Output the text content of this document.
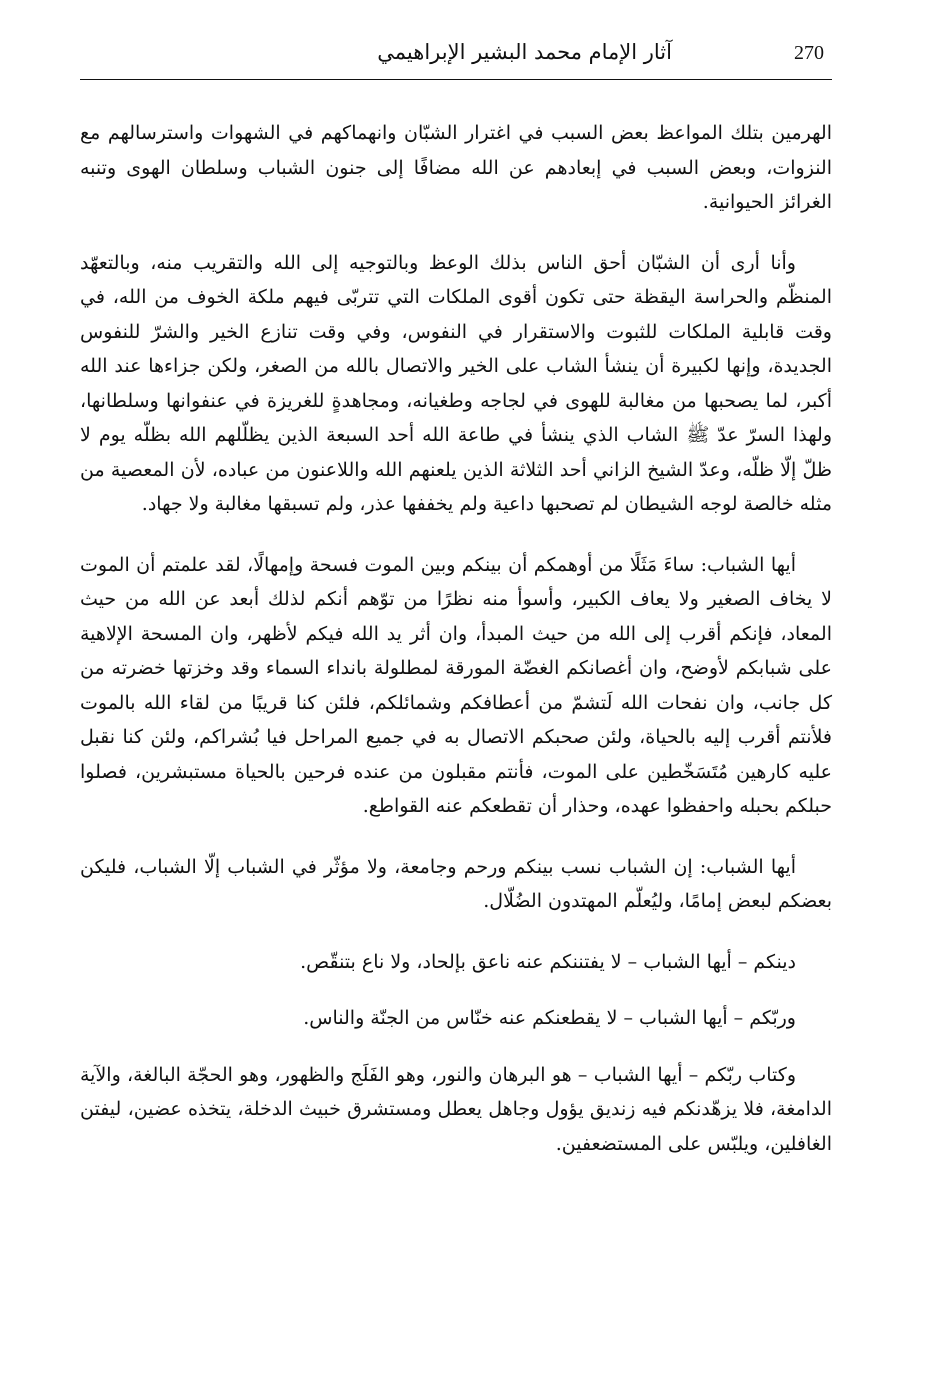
270
آثار الإمام محمد البشير الإبراهيمي

الهرمين بتلك المواعظ بعض السبب في اغترار الشبّان وانهماكهم في الشهوات واسترسالهم مع النزوات، وبعض السبب في إبعادهم عن الله مضافًا إلى جنون الشباب وسلطان الهوى وتنبه الغرائز الحيوانية.

وأنا أرى أن الشبّان أحق الناس بذلك الوعظ وبالتوجيه إلى الله والتقريب منه، وبالتعهّد المنظّم والحراسة اليقظة حتى تكون أقوى الملكات التي تتربّى فيهم ملكة الخوف من الله، في وقت قابلية الملكات للثبوت والاستقرار في النفوس، وفي وقت تنازع الخير والشرّ للنفوس الجديدة، وإنها لكبيرة أن ينشأ الشاب على الخير والاتصال بالله من الصغر، ولكن جزاءها عند الله أكبر، لما يصحبها من مغالبة للهوى في لجاجه وطغيانه، ومجاهدةٍ للغريزة في عنفوانها وسلطانها، ولهذا السرّ عدّ ﷺ الشاب الذي ينشأ في طاعة الله أحد السبعة الذين يظلّلهم الله بظلّه يوم لا ظلّ إلّا ظلّه، وعدّ الشيخ الزاني أحد الثلاثة الذين يلعنهم الله واللاعنون من عباده، لأن المعصية من مثله خالصة لوجه الشيطان لم تصحبها داعية ولم يخففها عذر، ولم تسبقها مغالبة ولا جهاد.

أيها الشباب: ساءَ مَثَلًا من أوهمكم أن بينكم وبين الموت فسحة وإمهالًا، لقد علمتم أن الموت لا يخاف الصغير ولا يعاف الكبير، وأسوأ منه نظرًا من توّهم أنكم لذلك أبعد عن الله من حيث المعاد، فإنكم أقرب إلى الله من حيث المبدأ، وان أثر يد الله فيكم لأظهر، وان المسحة الإلاهية على شبابكم لأوضح، وان أغصانكم الغضّة المورقة لمطلولة بانداء السماء وقد وخزتها خضرته من كل جانب، وان نفحات الله لَتشمّ من أعطافكم وشمائلكم، فلئن كنا قريبًا من لقاء الله بالموت فلأنتم أقرب إليه بالحياة، ولئن صحبكم الاتصال به في جميع المراحل فيا بُشراكم، ولئن كنا نقبل عليه كارهين مُتَسَخّطين على الموت، فأنتم مقبلون من عنده فرحين بالحياة مستبشرين، فصلوا حبلكم بحبله واحفظوا عهده، وحذار أن تقطعكم عنه القواطع.

أيها الشباب: إن الشباب نسب بينكم ورحم وجامعة، ولا مؤثّر في الشباب إلّا الشباب، فليكن بعضكم لبعض إمامًا، وليُعلّم المهتدون الضُلّال.

دينكم – أيها الشباب – لا يفتننكم عنه ناعق بإلحاد، ولا ناع بتنقّص.

وربّكم – أيها الشباب – لا يقطعنكم عنه خنّاس من الجنّة والناس.

وكتاب ربّكم – أيها الشباب – هو البرهان والنور، وهو الفَلَج والظهور، وهو الحجّة البالغة، والآية الدامغة، فلا يزهّدنكم فيه زنديق يؤول وجاهل يعطل ومستشرق خبيث الدخلة، يتخذه عضين، ليفتن الغافلين، ويلبّس على المستضعفين.
